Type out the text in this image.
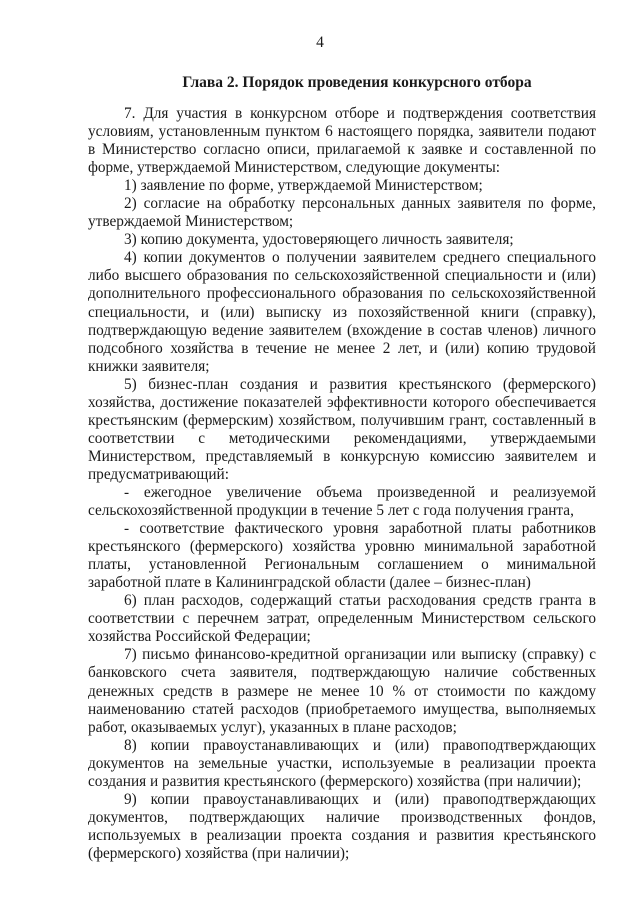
4
Глава 2. Порядок проведения конкурсного отбора

7. Для участия в конкурсном отборе и подтверждения соответствия условиям, установленным пунктом 6 настоящего порядка, заявители подают в Министерство согласно описи, прилагаемой к заявке и составленной по форме, утверждаемой Министерством, следующие документы:

1) заявление по форме, утверждаемой Министерством;

2) согласие на обработку персональных данных заявителя по форме, утверждаемой Министерством;

3) копию документа, удостоверяющего личность заявителя;

4) копии документов о получении заявителем среднего специального либо высшего образования по сельскохозяйственной специальности и (или) дополнительного профессионального образования по сельскохозяйственной специальности, и (или) выписку из похозяйственной книги (справку), подтверждающую ведение заявителем (вхождение в состав членов) личного подсобного хозяйства в течение не менее 2 лет, и (или) копию трудовой книжки заявителя;

5) бизнес-план создания и развития крестьянского (фермерского) хозяйства, достижение показателей эффективности которого обеспечивается крестьянским (фермерским) хозяйством, получившим грант, составленный в соответствии с методическими рекомендациями, утверждаемыми Министерством, представляемый в конкурсную комиссию заявителем и предусматривающий:

- ежегодное увеличение объема произведенной и реализуемой сельскохозяйственной продукции в течение 5 лет с года получения гранта,

- соответствие фактического уровня заработной платы работников крестьянского (фермерского) хозяйства уровню минимальной заработной платы, установленной Региональным соглашением о минимальной заработной плате в Калининградской области (далее – бизнес-план)

6) план расходов, содержащий статьи расходования средств гранта в соответствии с перечнем затрат, определенным Министерством сельского хозяйства Российской Федерации;

7) письмо финансово-кредитной организации или выписку (справку) с банковского счета заявителя, подтверждающую наличие собственных денежных средств в размере не менее 10 % от стоимости по каждому наименованию статей расходов (приобретаемого имущества, выполняемых работ, оказываемых услуг), указанных в плане расходов;

8) копии правоустанавливающих и (или) правоподтверждающих документов на земельные участки, используемые в реализации проекта создания и развития крестьянского (фермерского) хозяйства (при наличии);

9) копии правоустанавливающих и (или) правоподтверждающих документов, подтверждающих наличие производственных фондов, используемых в реализации проекта создания и развития крестьянского (фермерского) хозяйства (при наличии);
